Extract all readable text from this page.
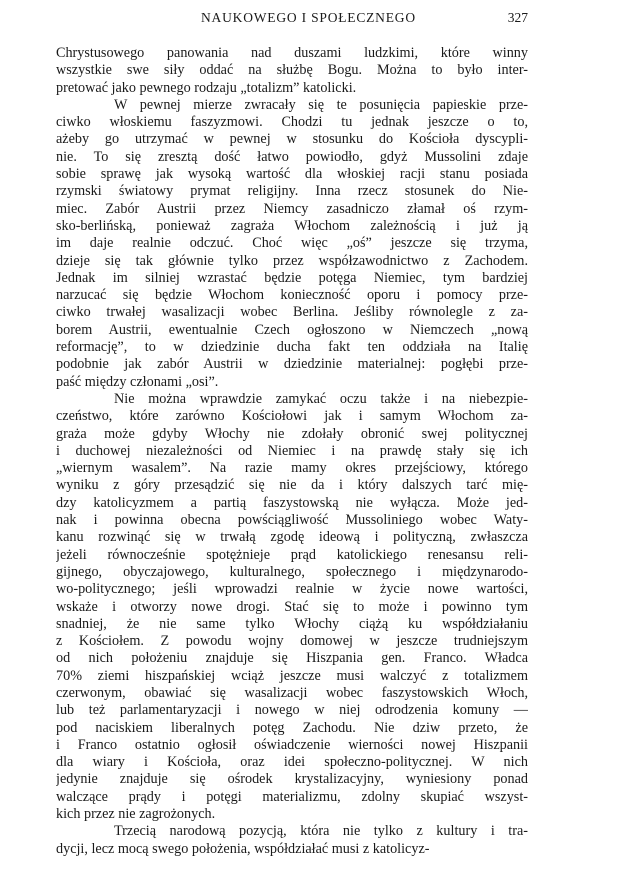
NAUKOWEGO I SPOŁECZNEGO	327

Chrystusowego panowania nad duszami ludzkimi, które winny
wszystkie swe siły oddać na służbę Bogu. Można to było inter-
pretować jako pewnego rodzaju „totalizm” katolicki.

W pewnej mierze zwracały się te posunięcia papieskie prze-
ciwko włoskiemu faszyzmowi. Chodzi tu jednak jeszcze o to,
ażeby go utrzymać w pewnej w stosunku do Kościoła dyscypli-
nie. To się zresztą dość łatwo powiodło, gdyż Mussolini zdaje
sobie sprawę jak wysoką wartość dla włoskiej racji stanu posiada
rzymski światowy prymat religijny. Inna rzecz stosunek do Nie-
miec. Zabór Austrii przez Niemcy zasadniczo złamał oś rzym-
sko-berlińską, ponieważ zagraża Włochom zależnością i już ją
im daje realnie odczuć. Choć więc „oś” jeszcze się trzyma,
dzieje się tak głównie tylko przez współzawodnictwo z Zachodem.
Jednak im silniej wzrastać będzie potęga Niemiec, tym bardziej
narzucać się będzie Włochom konieczność oporu i pomocy prze-
ciwko trwałej wasalizacji wobec Berlina. Jeśliby równolegle z za-
borem Austrii, ewentualnie Czech ogłoszono w Niemczech „nową
reformację”, to w dziedzinie ducha fakt ten oddziała na Italię
podobnie jak zabór Austrii w dziedzinie materialnej: pogłębi prze-
paść między członami „osi”.

Nie można wprawdzie zamykać oczu także i na niebezpie-
czeństwo, które zarówno Kościołowi jak i samym Włochom za-
graża może gdyby Włochy nie zdołały obronić swej politycznej
i duchowej niezależności od Niemiec i na prawdę stały się ich
„wiernym wasalem”. Na razie mamy okres przejściowy, którego
wyniku z góry przesądzić się nie da i który dalszych tarć mię-
dzy katolicyzmem a partią faszystowską nie wyłącza. Może jed-
nak i powinna obecna powściągliwość Mussoliniego wobec Waty-
kanu rozwinąć się w trwałą zgodę ideową i polityczną, zwłaszcza
jeżeli równocześnie spotężnieje prąd katolickiego renesansu reli-
gijnego, obyczajowego, kulturalnego, społecznego i międzynarodo-
wo-politycznego; jeśli wprowadzi realnie w życie nowe wartości,
wskaże i otworzy nowe drogi. Stać się to może i powinno tym
snadniej, że nie same tylko Włochy ciążą ku współdziałaniu
z Kościołem. Z powodu wojny domowej w jeszcze trudniejszym
od nich położeniu znajduje się Hiszpania gen. Franco. Władca
70% ziemi hiszpańskiej wciąż jeszcze musi walczyć z totalizmem
czerwonym, obawiać się wasalizacji wobec faszystowskich Włoch,
lub też parlamentaryzacji i nowego w niej odrodzenia komuny —
pod naciskiem liberalnych potęg Zachodu. Nie dziw przeto, że
i Franco ostatnio ogłosił oświadczenie wierności nowej Hiszpanii
dla wiary i Kościoła, oraz idei społeczno-politycznej. W nich
jedynie znajduje się ośrodek krystalizacyjny, wyniesiony ponad
walczące prądy i potęgi materializmu, zdolny skupiać wszyst-
kich przez nie zagrożonych.

Trzecią narodową pozycją, która nie tylko z kultury i tra-
dycji, lecz mocą swego położenia, współdziałać musi z katolicyz-
